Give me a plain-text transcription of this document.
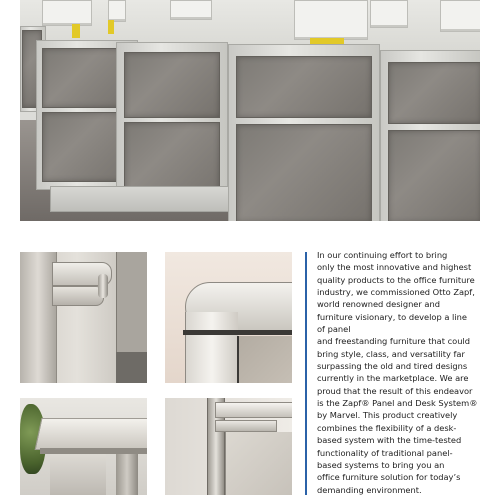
In our continuing effort to bring
only the most innovative and highest
quality products to the office furniture
industry, we commissioned Otto Zapf,
world renowned designer and
furniture visionary, to develop a line
of panel
and freestanding furniture that could
bring style, class, and versatility far
surpassing the old and tired designs
currently in the marketplace. We are
proud that the result of this endeavor
is the Zapf® Panel and Desk System®
by Marvel. This product creatively
combines the flexibility of a desk-
based system with the time-tested
functionality of traditional panel-
based systems to bring you an
office furniture solution for today’s
demanding environment.
